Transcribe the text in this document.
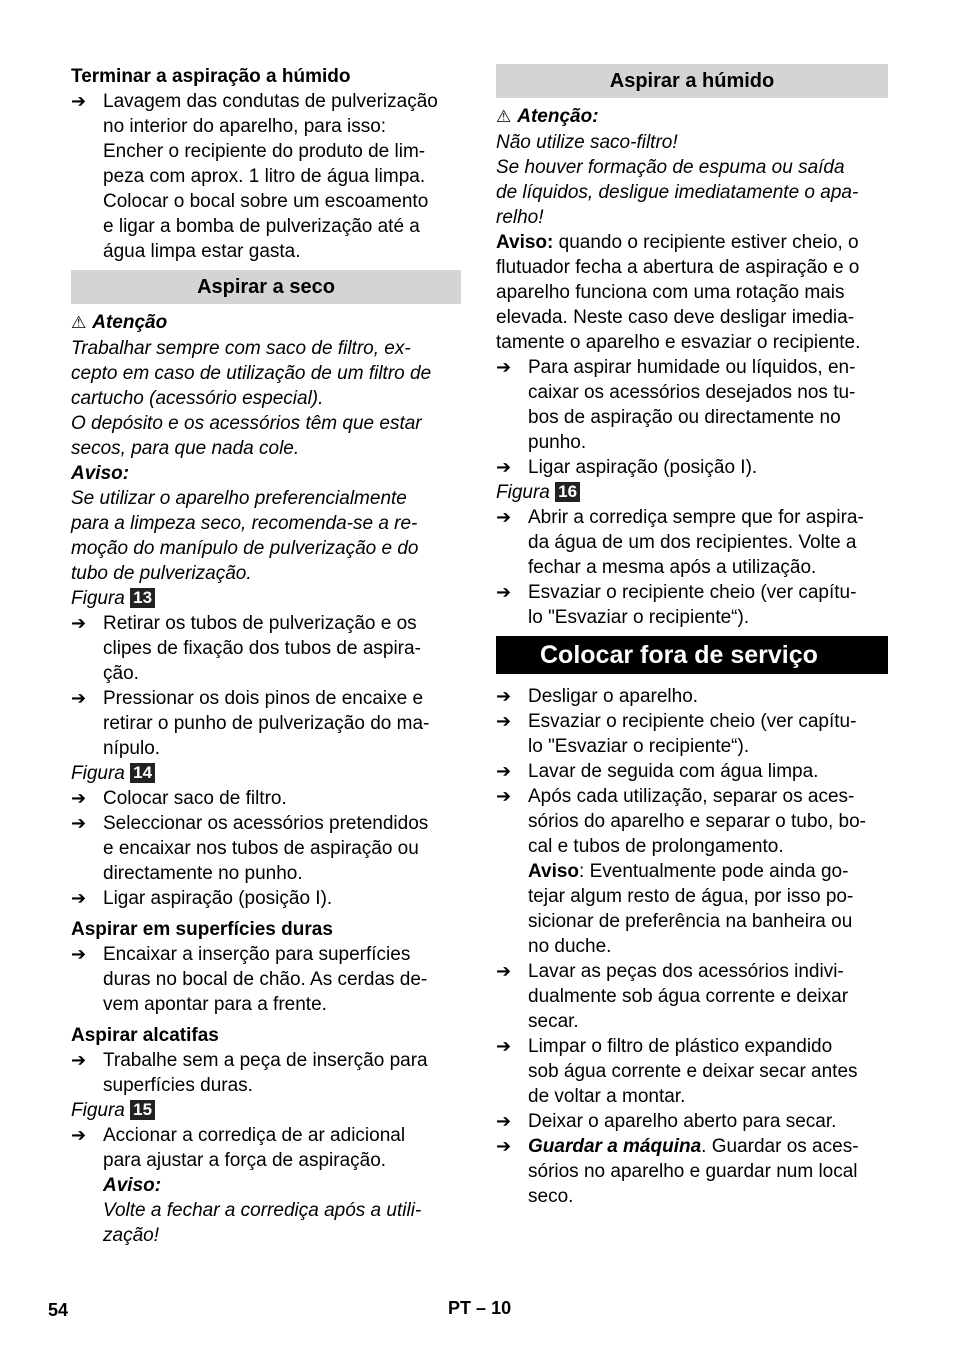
Terminar a aspiração a húmido
➔ Lavagem das condutas de pulverização
no interior do aparelho, para isso:
Encher o recipiente do produto de lim-
peza com aprox. 1 litro de água limpa.
Colocar o bocal sobre um escoamento
e ligar a bomba de pulverização até a
água limpa estar gasta.
Aspirar a seco
⚠ Atenção
Trabalhar sempre com saco de filtro, ex-
cepto em caso de utilização de um filtro de
cartucho (acessório especial).
O depósito e os acessórios têm que estar
secos, para que nada cole.
Aviso:
Se utilizar o aparelho preferencialmente
para a limpeza seco, recomenda-se a re-
moção do manípulo de pulverização e do
tubo de pulverização.
Figura 13
➔ Retirar os tubos de pulverização e os
clipes de fixação dos tubos de aspira-
ção.
➔ Pressionar os dois pinos de encaixe e
retirar o punho de pulverização do ma-
nípulo.
Figura 14
➔ Colocar saco de filtro.
➔ Seleccionar os acessórios pretendidos
e encaixar nos tubos de aspiração ou
directamente no punho.
➔ Ligar aspiração (posição I).
Aspirar em superfícies duras
➔ Encaixar a inserção para superfícies
duras no bocal de chão. As cerdas de-
vem apontar para a frente.
Aspirar alcatifas
➔ Trabalhe sem a peça de inserção para
superfícies duras.
Figura 15
➔ Accionar a corrediça de ar adicional
para ajustar a força de aspiração.
Aviso:
Volte a fechar a corrediça após a utili-
zação!
Aspirar a húmido
⚠ Atenção:
Não utilize saco-filtro!
Se houver formação de espuma ou saída
de líquidos, desligue imediatamente o apa-
relho!
Aviso: quando o recipiente estiver cheio, o
flutuador fecha a abertura de aspiração e o
aparelho funciona com uma rotação mais
elevada. Neste caso deve desligar imedia-
tamente o aparelho e esvaziar o recipiente.
➔ Para aspirar humidade ou líquidos, en-
caixar os acessórios desejados nos tu-
bos de aspiração ou directamente no
punho.
➔ Ligar aspiração (posição I).
Figura 16
➔ Abrir a corrediça sempre que for aspira-
da água de um dos recipientes. Volte a
fechar a mesma após a utilização.
➔ Esvaziar o recipiente cheio (ver capítu-
lo "Esvaziar o recipiente“).
Colocar fora de serviço
➔ Desligar o aparelho.
➔ Esvaziar o recipiente cheio (ver capítu-
lo "Esvaziar o recipiente“).
➔ Lavar de seguida com água limpa.
➔ Após cada utilização, separar os aces-
sórios do aparelho e separar o tubo, bo-
cal e tubos de prolongamento.
Aviso: Eventualmente pode ainda go-
tejar algum resto de água, por isso po-
sicionar de preferência na banheira ou
no duche.
➔ Lavar as peças dos acessórios indivi-
dualmente sob água corrente e deixar
secar.
➔ Limpar o filtro de plástico expandido
sob água corrente e deixar secar antes
de voltar a montar.
➔ Deixar o aparelho aberto para secar.
➔ Guardar a máquina. Guardar os aces-
sórios no aparelho e guardar num local
seco.
54	PT – 10
